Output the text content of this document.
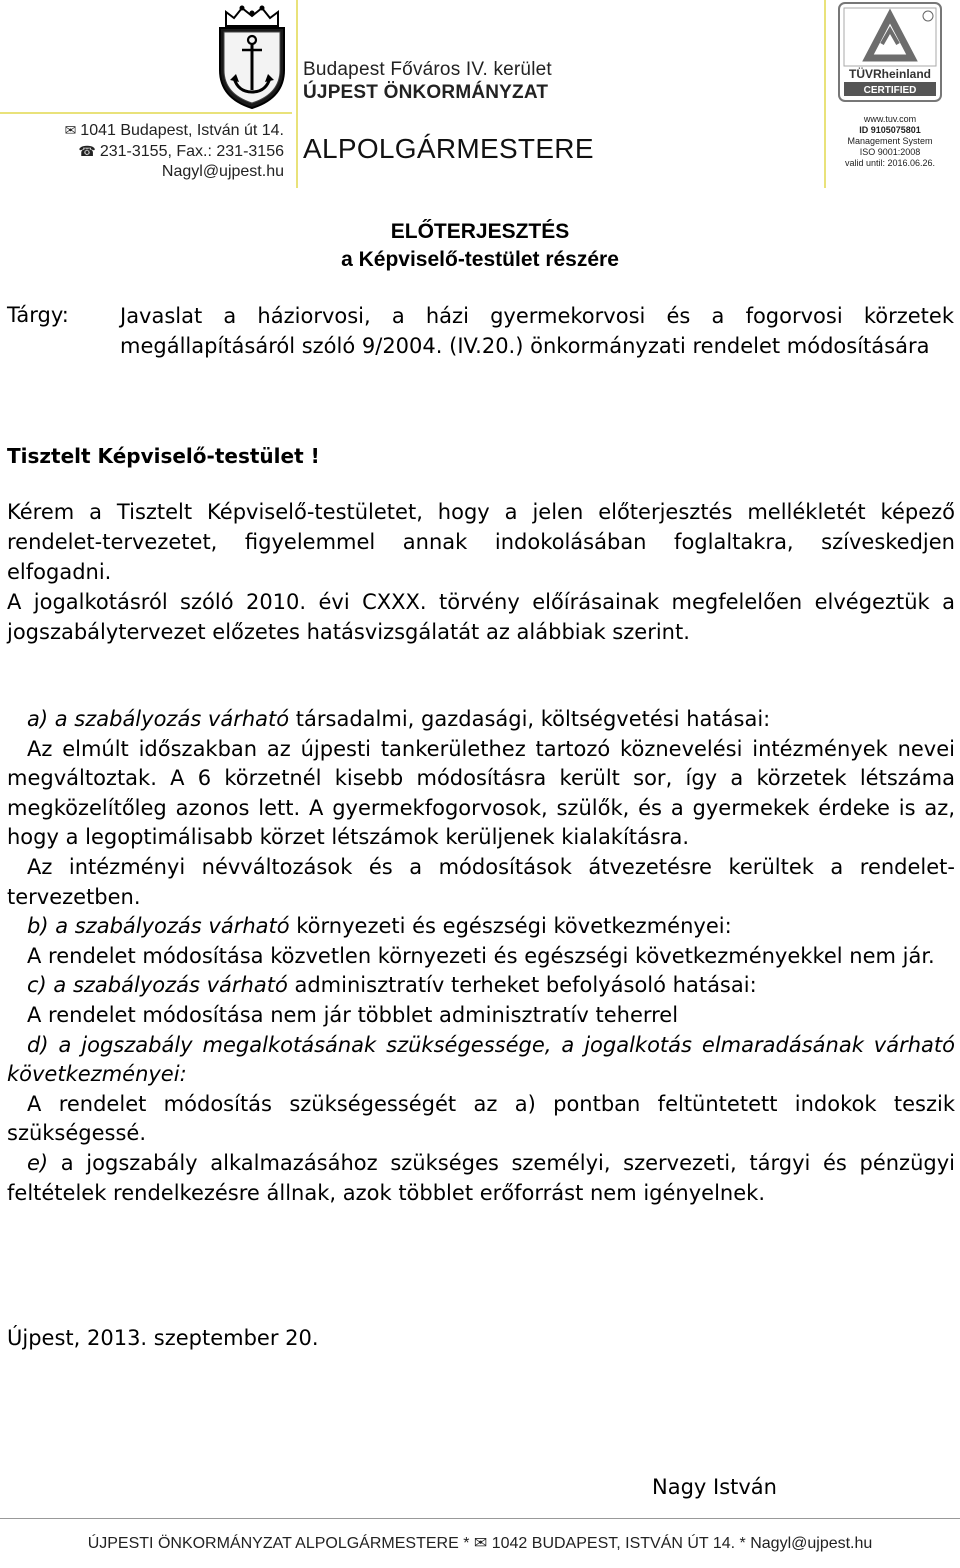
Budapest Főváros IV. kerület
ÚJPEST ÖNKORMÁNYZAT
✉ 1041 Budapest, István út 14.
☎ 231-3155, Fax.: 231-3156
Nagyl@ujpest.hu
ALPOLGÁRMESTERE
TÜVRheinland
CERTIFIED
www.tuv.com
ID 9105075801
Management System
ISO 9001:2008
valid until: 2016.06.26.
ELŐTERJESZTÉS
a Képviselő-testület részére
Tárgy: Javaslat a háziorvosi, a házi gyermekorvosi és a fogorvosi körzetek megállapításáról szóló 9/2004. (IV.20.) önkormányzati rendelet módosítására
Tisztelt Képviselő-testület !
Kérem a Tisztelt Képviselő-testületet, hogy a jelen előterjesztés mellékletét képező rendelet-tervezetet, figyelemmel annak indokolásában foglaltakra, szíveskedjen elfogadni.
A jogalkotásról szóló 2010. évi CXXX. törvény előírásainak megfelelően elvégeztük a jogszabálytervezet előzetes hatásvizsgálatát az alábbiak szerint.

a) a szabályozás várható társadalmi, gazdasági, költségvetési hatásai:

Az elmúlt időszakban az újpesti tankerülethez tartozó köznevelési intézmények nevei megváltoztak. A 6 körzetnél kisebb módosításra került sor, így a körzetek létszáma megközelítőleg azonos lett. A gyermekfogorvosok, szülők, és a gyermekek érdeke is az, hogy a legoptimálisabb körzet létszámok kerüljenek kialakításra.

Az intézményi névváltozások és a módosítások átvezetésre kerültek a rendelet-tervezetben.

b) a szabályozás várható környezeti és egészségi következményei:

A rendelet módosítása közvetlen környezeti és egészségi következményekkel nem jár.

c) a szabályozás várható adminisztratív terheket befolyásoló hatásai:

A rendelet módosítása nem jár többlet adminisztratív teherrel

d) a jogszabály megalkotásának szükségessége, a jogalkotás elmaradásának várható következményei:

A rendelet módosítás szükségességét az a) pontban feltüntetett indokok teszik szükségessé.

e) a jogszabály alkalmazásához szükséges személyi, szervezeti, tárgyi és pénzügyi feltételek rendelkezésre állnak, azok többlet erőforrást nem igényelnek.

Újpest, 2013. szeptember 20.
Nagy István
ÚJPESTI ÖNKORMÁNYZAT ALPOLGÁRMESTERE * ✉ 1042 BUDAPEST, ISTVÁN ÚT 14. * Nagyl@ujpest.hu
